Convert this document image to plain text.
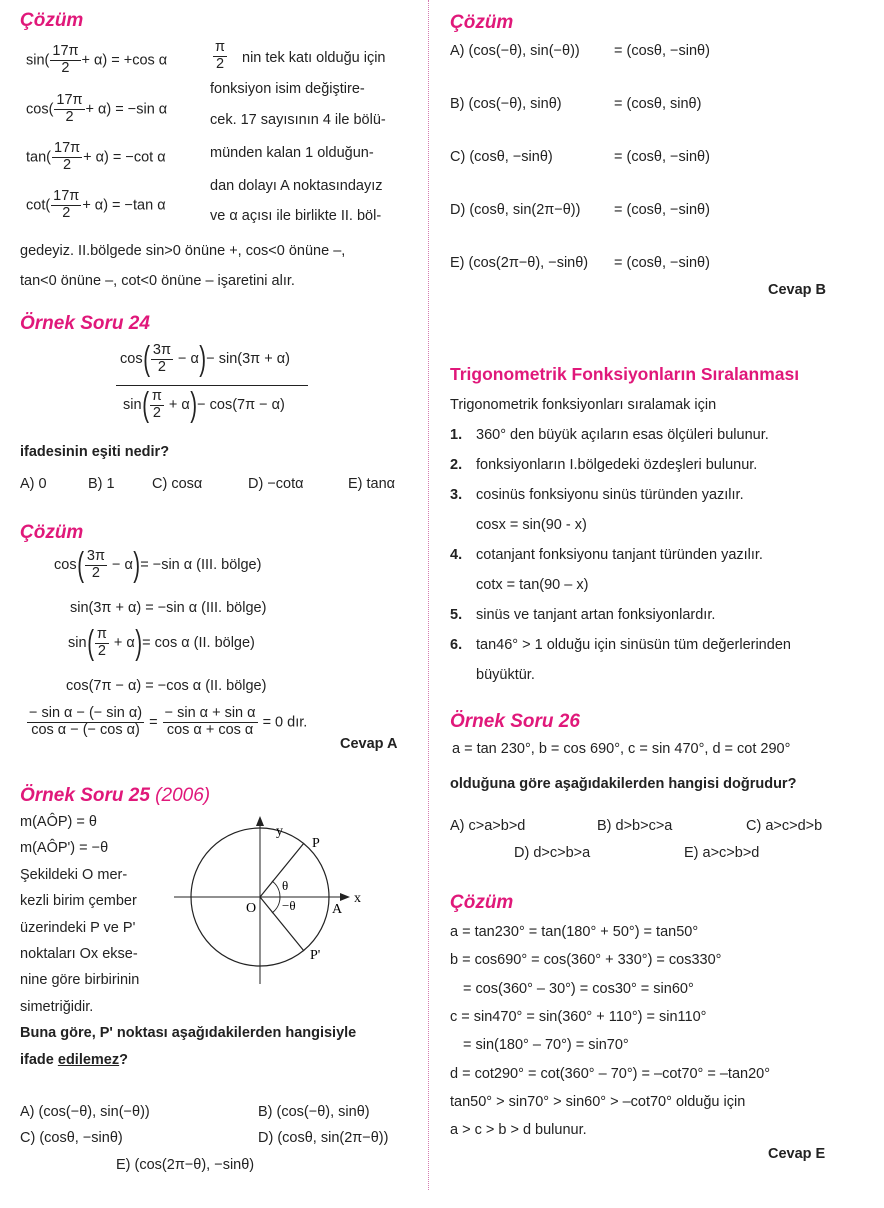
Çözüm
$\sin( \frac{17\pi}{2} + \alpha) = +\cos$ α
$\cos( \frac{17\pi}{2} + \alpha) = -\sin$ α
$\tan( \frac{17\pi}{2} + \alpha) = -\cot$ α
$\cot( \frac{17\pi}{2} + \alpha) = -\tan$ α
$\frac{\pi}{2}$ nin tek katı olduğu için
fonksiyon isim değiştire-
cek. 17 sayısının 4 ile bölü-
münden kalan 1 olduğun-
dan dolayı A noktasındayız
ve α açısı ile birlikte II. böl-
gedeyiz. II.bölgede sin>0 önüne +, cos<0 önüne –,
tan<0 önüne –, cot<0 önüne – işaretini alır.
Örnek Soru 24
$\cos( \frac{3\pi}{2} - \alpha)- \sin(3\pi + \alpha)$
$\sin( \frac{\pi}{2} + \alpha)- \cos(7\pi - \alpha)$
ifadesinin eşiti nedir?
A) 0	B) 1	C) cosα	D) −cotα	E) tanα
Çözüm
$\cos( \frac{3\pi}{2} - \alpha)= -\sin$ α (III. bölge)
sin(3π + α) = −sin α (III. bölge)
$\sin( \frac{\pi}{2} + \alpha)= \cos \alpha$ (II. bölge)
cos(7π − α) = −cos α (II. bölge)
$\frac{\text{− sin α − (− sin α)}}{\text{cos α − (− cos α)}} = \frac{\text{− sin α + sin α}}{\text{cos α + cos α}} = 0$ dır.
Cevap A
Örnek Soru 25 (2006)
m(AÔP) = θ
m(AÔP') = −θ
Şekildeki O mer-
kezli birim çember
üzerindeki P ve P'
noktaları Ox ekse-
nine göre birbirinin
simetriğidir.
y
x
P
P'
O	A
θ
−θ
Buna göre, P' noktası aşağıdakilerden hangisiyle
ifade edilemez?
A) (cos(−θ), sin(−θ))	B) (cos(−θ), sinθ)
C) (cosθ, −sinθ)	D) (cosθ, sin(2π−θ))
E) (cos(2π−θ), −sinθ)
Çözüm
A) (cos(−θ), sin(−θ)) = (cosθ, −sinθ)
B) (cos(−θ), sinθ)	= (cosθ, sinθ)
C) (cosθ, −sinθ)	= (cosθ, −sinθ)
D) (cosθ, sin(2π−θ)) = (cosθ, −sinθ)
E) (cos(2π−θ), −sinθ) = (cosθ, −sinθ)
Cevap B
Trigonometrik Fonksiyonların Sıralanması
Trigonometrik fonksiyonları sıralamak için
1. 360° den büyük açıların esas ölçüleri bulunur.
2. fonksiyonların I.bölgedeki özdeşleri bulunur.
3. cosinüs fonksiyonu sinüs türünden yazılır.
cosx = sin(90 - x)
4. cotanjant fonksiyonu tanjant türünden yazılır.
cotx = tan(90 – x)
5. sinüs ve tanjant artan fonksiyonlardır.
6. tan46° > 1 olduğu için sinüsün tüm değerlerinden
büyüktür.
Örnek Soru 26
a = tan 230°, b = cos 690°, c = sin 470°, d = cot 290°
olduğuna göre aşağıdakilerden hangisi doğrudur?
A) c>a>b>d	B) d>b>c>a	C) a>c>d>b
D) d>c>b>a	E) a>c>b>d
Çözüm
a = tan230° = tan(180° + 50°) = tan50°
b = cos690° = cos(360° + 330°) = cos330°
= cos(360° – 30°) = cos30° = sin60°
c = sin470° = sin(360° + 110°) = sin110°
= sin(180° – 70°) = sin70°
d = cot290° = cot(360° – 70°) = –cot70° = –tan20°
tan50° > sin70° > sin60° > –cot70° olduğu için
a > c > b > d bulunur.
Cevap E
